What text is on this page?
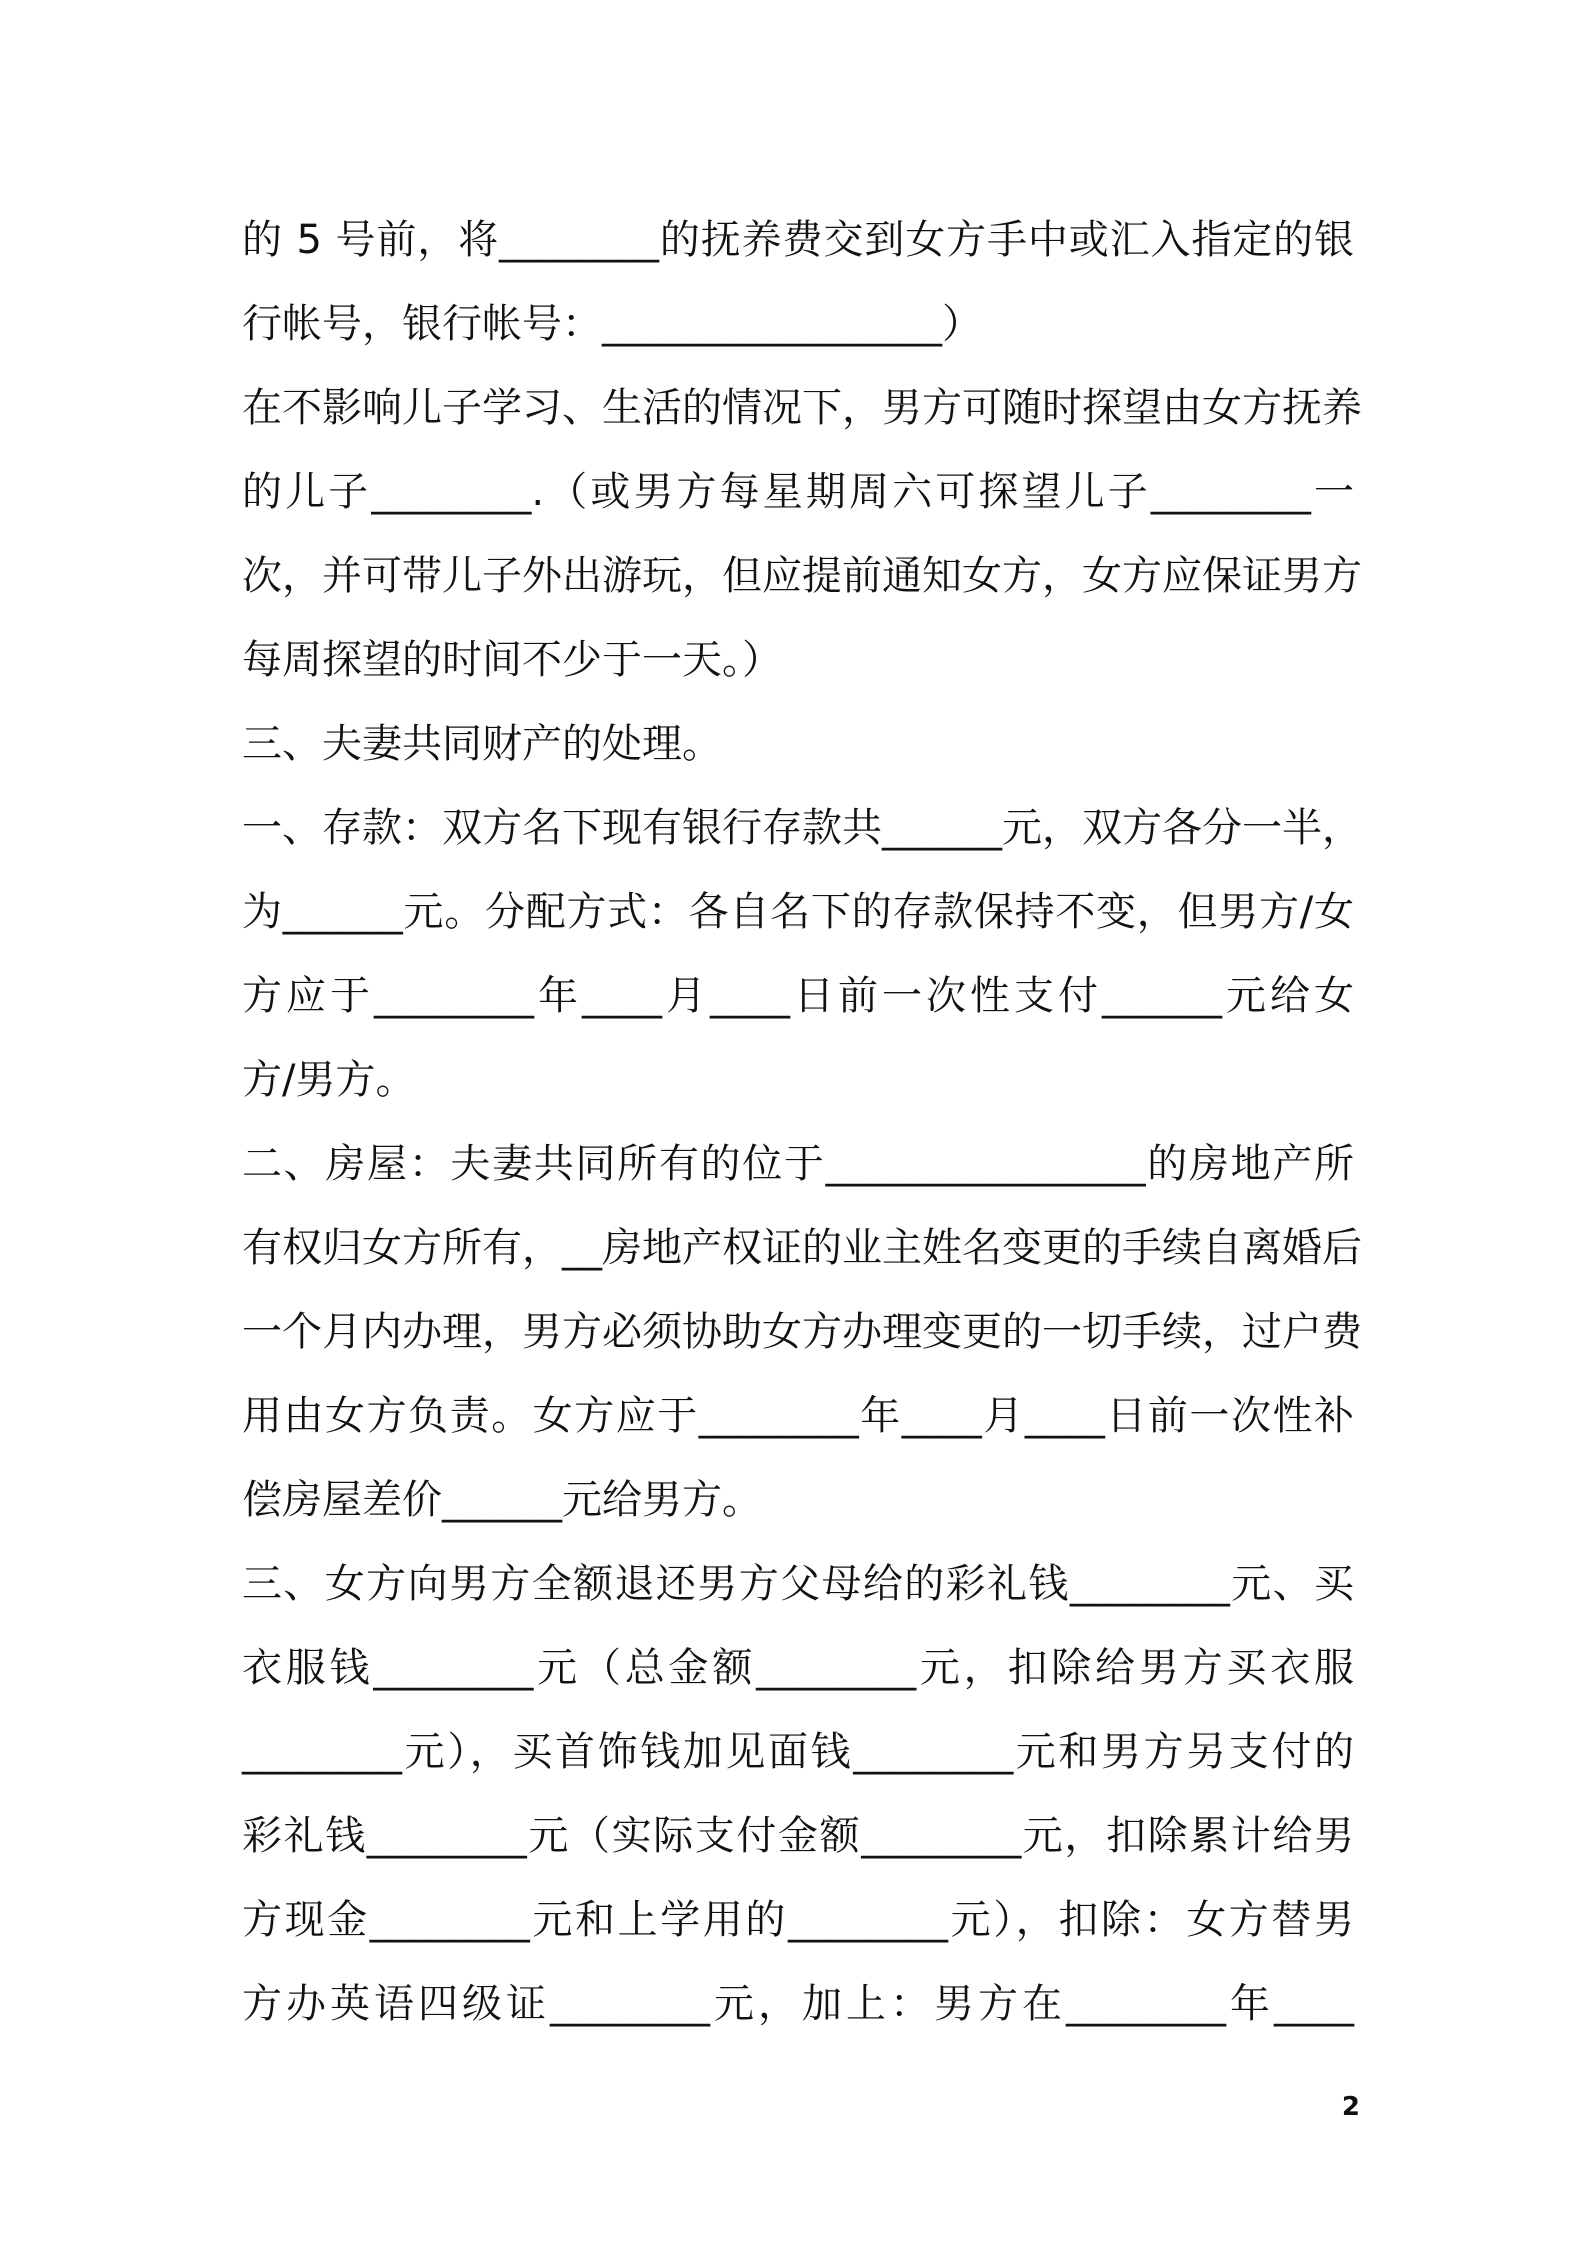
的 5 号前，将________的抚养费交到女方手中或汇入指定的银
行帐号，银行帐号：_________________）
在不影响儿子学习、生活的情况下，男方可随时探望由女方抚养
的儿子________.（或男方每星期周六可探望儿子________一
次，并可带儿子外出游玩，但应提前通知女方，女方应保证男方
每周探望的时间不少于一天。）
三、夫妻共同财产的处理。
一、存款：双方名下现有银行存款共______元，双方各分一半，
为______元。分配方式：各自名下的存款保持不变，但男方/女
方应于________年____月____日前一次性支付______元给女
方/男方。
二、房屋：夫妻共同所有的位于________________的房地产所
有权归女方所有，__房地产权证的业主姓名变更的手续自离婚后
一个月内办理，男方必须协助女方办理变更的一切手续，过户费
用由女方负责。女方应于________年____月____日前一次性补
偿房屋差价______元给男方。
三、女方向男方全额退还男方父母给的彩礼钱________元、买
衣服钱________元（总金额________元，扣除给男方买衣服
________元），买首饰钱加见面钱________元和男方另支付的
彩礼钱________元（实际支付金额________元，扣除累计给男
方现金________元和上学用的________元），扣除：女方替男
方办英语四级证________元，加上：男方在________年____
2
